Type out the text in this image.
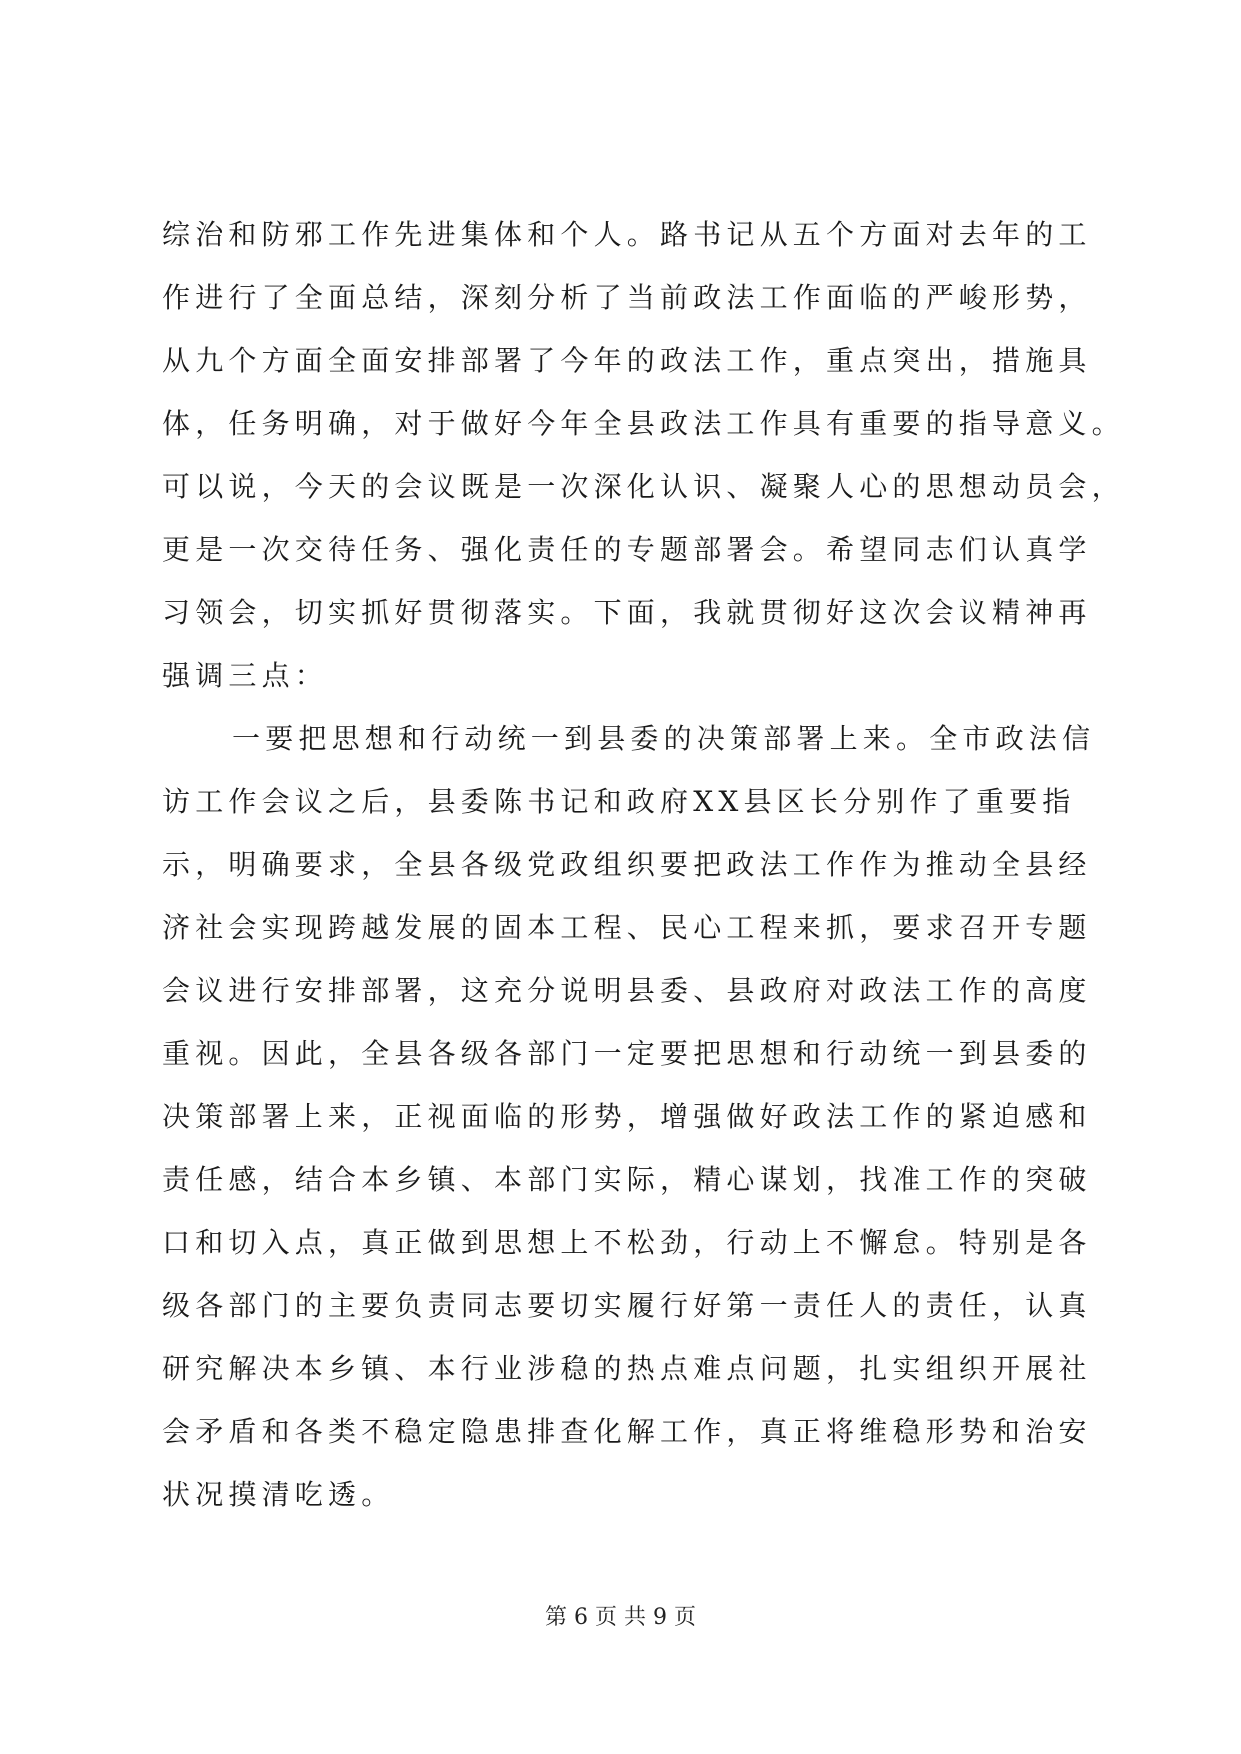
综治和防邪工作先进集体和个人。路书记从五个方面对去年的工
作进行了全面总结，深刻分析了当前政法工作面临的严峻形势，
从九个方面全面安排部署了今年的政法工作，重点突出，措施具
体，任务明确，对于做好今年全县政法工作具有重要的指导意义。
可以说，今天的会议既是一次深化认识、凝聚人心的思想动员会，
更是一次交待任务、强化责任的专题部署会。希望同志们认真学
习领会，切实抓好贯彻落实。下面，我就贯彻好这次会议精神再
强调三点：
一要把思想和行动统一到县委的决策部署上来。全市政法信
访工作会议之后，县委陈书记和政府XX县区长分别作了重要指
示，明确要求，全县各级党政组织要把政法工作作为推动全县经
济社会实现跨越发展的固本工程、民心工程来抓，要求召开专题
会议进行安排部署，这充分说明县委、县政府对政法工作的高度
重视。因此，全县各级各部门一定要把思想和行动统一到县委的
决策部署上来，正视面临的形势，增强做好政法工作的紧迫感和
责任感，结合本乡镇、本部门实际，精心谋划，找准工作的突破
口和切入点，真正做到思想上不松劲，行动上不懈怠。特别是各
级各部门的主要负责同志要切实履行好第一责任人的责任，认真
研究解决本乡镇、本行业涉稳的热点难点问题，扎实组织开展社
会矛盾和各类不稳定隐患排查化解工作，真正将维稳形势和治安
状况摸清吃透。
第 6 页 共 9 页
